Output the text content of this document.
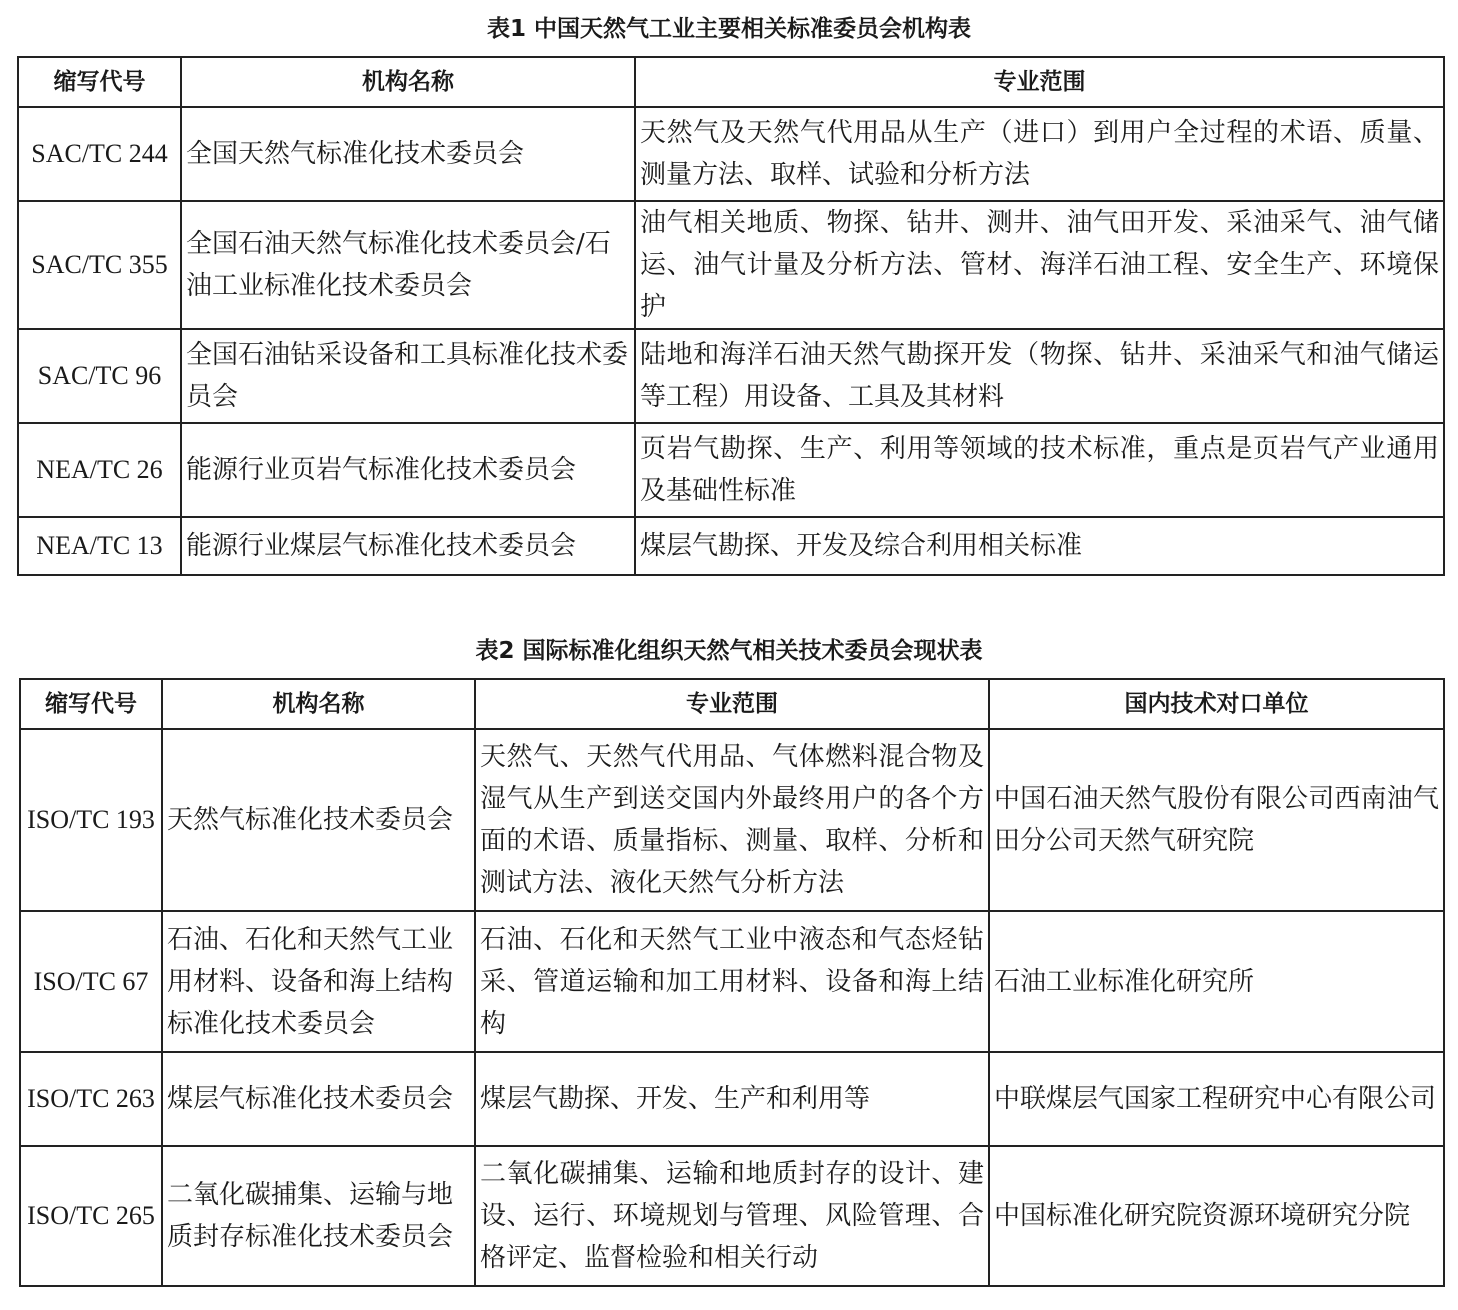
表1 中国天然气工业主要相关标准委员会机构表
缩写代号	机构名称	专业范围
SAC/TC 244	全国天然气标准化技术委员会	天然气及天然气代用品从生产（进口）到用户全过程的术语、质量、测量方法、取样、试验和分析方法
SAC/TC 355	全国石油天然气标准化技术委员会/石油工业标准化技术委员会	油气相关地质、物探、钻井、测井、油气田开发、采油采气、油气储运、油气计量及分析方法、管材、海洋石油工程、安全生产、环境保护
SAC/TC 96	全国石油钻采设备和工具标准化技术委员会	陆地和海洋石油天然气勘探开发（物探、钻井、采油采气和油气储运等工程）用设备、工具及其材料
NEA/TC 26	能源行业页岩气标准化技术委员会	页岩气勘探、生产、利用等领域的技术标准，重点是页岩气产业通用及基础性标准
NEA/TC 13	能源行业煤层气标准化技术委员会	煤层气勘探、开发及综合利用相关标准
表2 国际标准化组织天然气相关技术委员会现状表
缩写代号	机构名称	专业范围	国内技术对口单位
ISO/TC 193	天然气标准化技术委员会	天然气、天然气代用品、气体燃料混合物及湿气从生产到送交国内外最终用户的各个方面的术语、质量指标、测量、取样、分析和测试方法、液化天然气分析方法	中国石油天然气股份有限公司西南油气田分公司天然气研究院
ISO/TC 67	石油、石化和天然气工业用材料、设备和海上结构标准化技术委员会	石油、石化和天然气工业中液态和气态烃钻采、管道运输和加工用材料、设备和海上结构	石油工业标准化研究所
ISO/TC 263	煤层气标准化技术委员会	煤层气勘探、开发、生产和利用等	中联煤层气国家工程研究中心有限公司
ISO/TC 265	二氧化碳捕集、运输与地质封存标准化技术委员会	二氧化碳捕集、运输和地质封存的设计、建设、运行、环境规划与管理、风险管理、合格评定、监督检验和相关行动	中国标准化研究院资源环境研究分院
